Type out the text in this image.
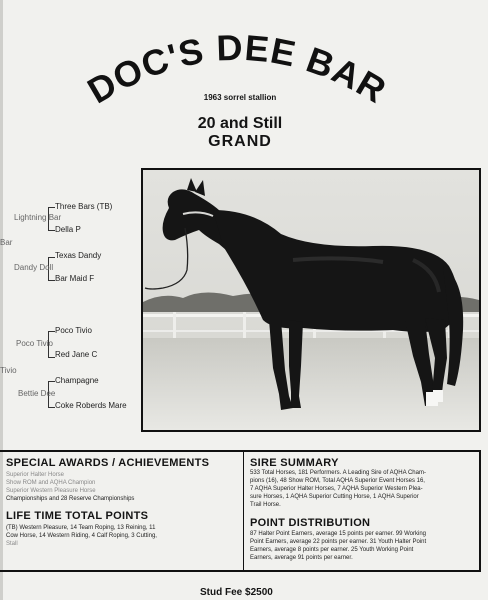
DOC'S DEE BAR
1963 sorrel stallion
20 and Still
GRAND
Three Bars (TB)
Lightning Bar
Della P
Bar
Texas Dandy
Dandy Doll
Bar Maid F
Poco Tivio
Poco Tivio
Red Jane C
Tivio
Champagne
Bettie Dee
Coke Roberds Mare
SPECIAL AWARDS / ACHIEVEMENTS
Superior Halter Horse
Show ROM and AQHA Champion
Superior Western Pleasure Horse
Championships and 28 Reserve Championships
LIFE TIME TOTAL POINTS
(TB) Western Pleasure, 14 Team Roping, 13 Reining, 11
Cow Horse, 14 Western Riding, 4 Calf Roping, 3 Cutting,
Stall
SIRE SUMMARY
533 Total Horses, 181 Performers. A Leading Sire of AQHA Cham-
pions (16), 48 Show ROM, Total AQHA Superior Event Horses 16,
7 AQHA Superior Halter Horses, 7 AQHA Superior Western Plea-
sure Horses, 1 AQHA Superior Cutting Horse, 1 AQHA Superior
Trail Horse.
POINT DISTRIBUTION
87 Halter Point Earners, average 15 points per earner. 99 Working
Point Earners, average 22 points per earner. 31 Youth Halter Point
Earners, average 8 points per earner. 25 Youth Working Point
Earners, average 91 points per earner.
Stud Fee $2500
